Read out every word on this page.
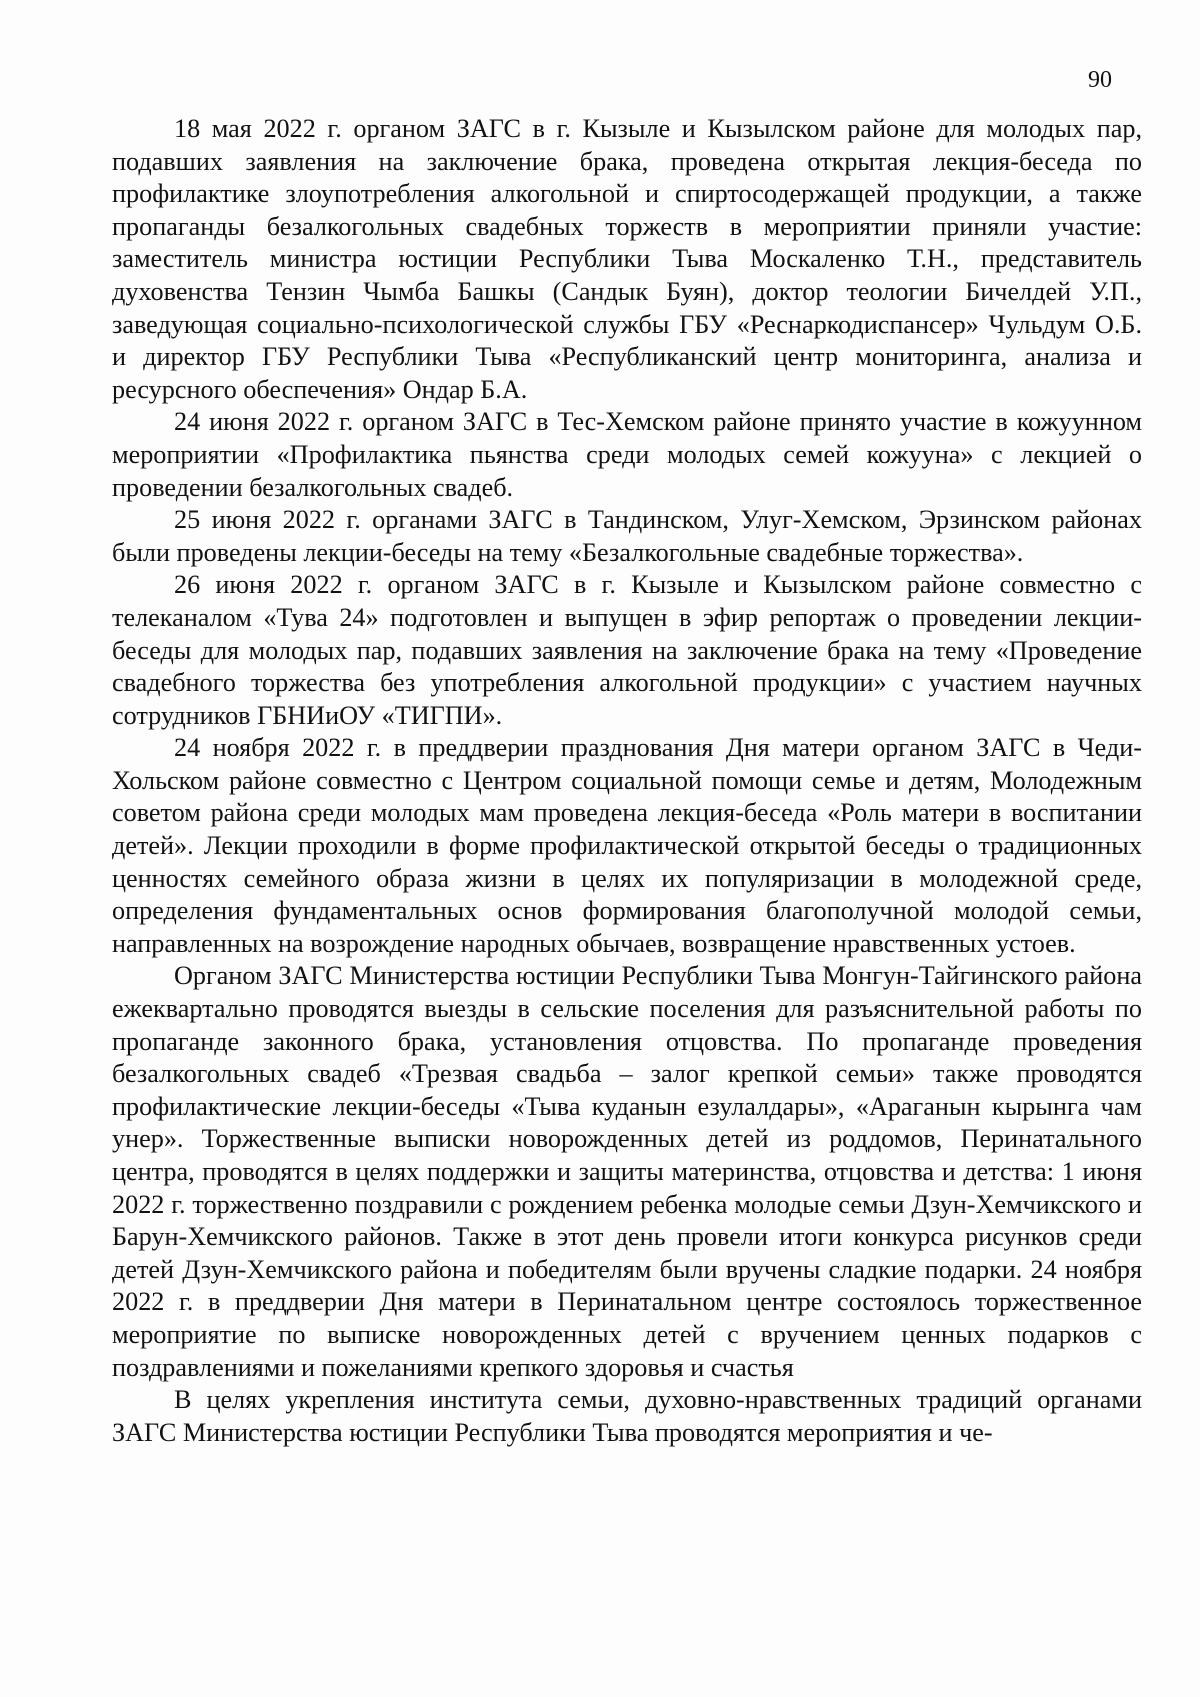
90

18 мая 2022 г. органом ЗАГС в г. Кызыле и Кызылском районе для молодых пар, подавших заявления на заключение брака, проведена открытая лекция-беседа по профилактике злоупотребления алкогольной и спиртосодержащей продукции, а также пропаганды безалкогольных свадебных торжеств в мероприятии приняли участие: заместитель министра юстиции Республики Тыва Москаленко Т.Н., представитель духовенства Тензин Чымба Башкы (Сандык Буян), доктор теологии Бичелдей У.П., заведующая социально-психологической службы ГБУ «Реснаркодиспансер» Чульдум О.Б. и директор ГБУ Республики Тыва «Республиканский центр мониторинга, анализа и ресурсного обеспечения» Ондар Б.А.

24 июня 2022 г. органом ЗАГС в Тес-Хемском районе принято участие в кожуунном мероприятии «Профилактика пьянства среди молодых семей кожууна» с лекцией о проведении безалкогольных свадеб.

25 июня 2022 г. органами ЗАГС в Тандинском, Улуг-Хемском, Эрзинском районах были проведены лекции-беседы на тему «Безалкогольные свадебные торжества».

26 июня 2022 г. органом ЗАГС в г. Кызыле и Кызылском районе совместно с телеканалом «Тува 24» подготовлен и выпущен в эфир репортаж о проведении лекции-беседы для молодых пар, подавших заявления на заключение брака на тему «Проведение свадебного торжества без употребления алкогольной продукции» с участием научных сотрудников ГБНИиОУ «ТИГПИ».

24 ноября 2022 г. в преддверии празднования Дня матери органом ЗАГС в Чеди-Хольском районе совместно с Центром социальной помощи семье и детям, Молодежным советом района среди молодых мам проведена лекция-беседа «Роль матери в воспитании детей». Лекции проходили в форме профилактической открытой беседы о традиционных ценностях семейного образа жизни в целях их популяризации в молодежной среде, определения фундаментальных основ формирования благополучной молодой семьи, направленных на возрождение народных обычаев, возвращение нравственных устоев.

Органом ЗАГС Министерства юстиции Республики Тыва Монгун-Тайгинского района ежеквартально проводятся выезды в сельские поселения для разъяснительной работы по пропаганде законного брака, установления отцовства. По пропаганде проведения безалкогольных свадеб «Трезвая свадьба – залог крепкой семьи» также проводятся профилактические лекции-беседы «Тыва куданын езулалдары», «Араганын кырынга чам унер». Торжественные выписки новорожденных детей из роддомов, Перинатального центра, проводятся в целях поддержки и защиты материнства, отцовства и детства: 1 июня 2022 г. торжественно поздравили с рождением ребенка молодые семьи Дзун-Хемчикского и Барун-Хемчикского районов. Также в этот день провели итоги конкурса рисунков среди детей Дзун-Хемчикского района и победителям были вручены сладкие подарки. 24 ноября 2022 г. в преддверии Дня матери в Перинатальном центре состоялось торжественное мероприятие по выписке новорожденных детей с вручением ценных подарков с поздравлениями и пожеланиями крепкого здоровья и счастья

В целях укрепления института семьи, духовно-нравственных традиций органами ЗАГС Министерства юстиции Республики Тыва проводятся мероприятия и че-
